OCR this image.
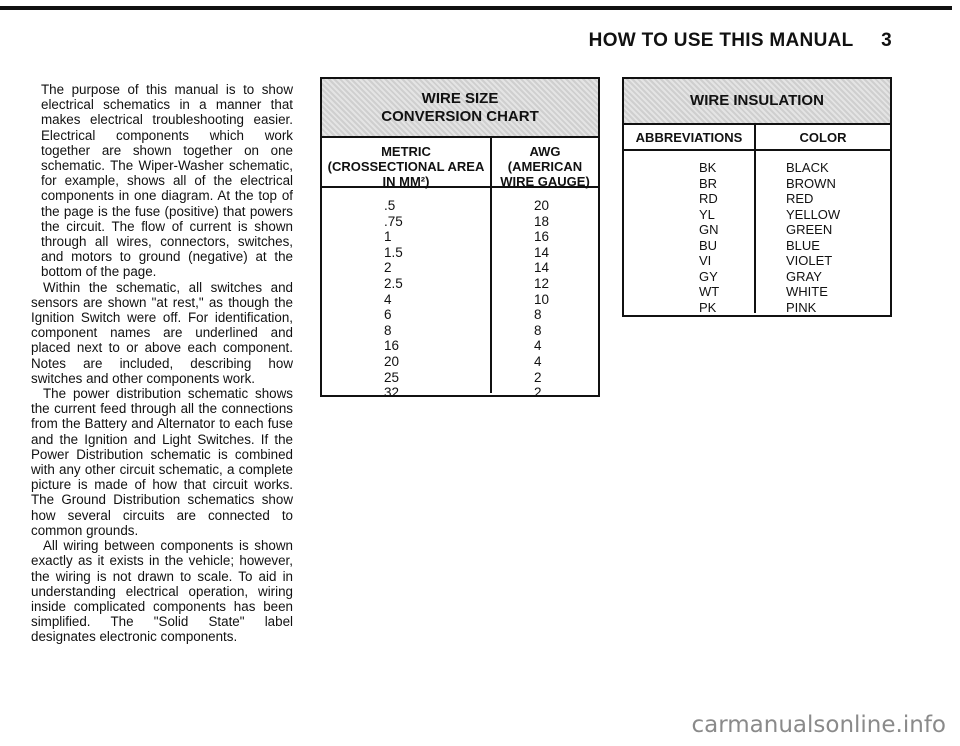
HOW TO USE THIS MANUAL 3

The purpose of this manual is to show electrical schematics in a manner that makes electrical troubleshooting easier. Electrical components which work together are shown together on one schematic. The Wiper-Washer schematic, for example, shows all of the electrical components in one diagram. At the top of the page is the fuse (positive) that powers the circuit. The flow of current is shown through all wires, connectors, switches, and motors to ground (negative) at the bottom of the page.

Within the schematic, all switches and sensors are shown "at rest," as though the Ignition Switch were off. For identification, component names are underlined and placed next to or above each component. Notes are included, describing how switches and other components work.

The power distribution schematic shows the current feed through all the connections from the Battery and Alternator to each fuse and the Ignition and Light Switches. If the Power Distribution schematic is combined with any other circuit schematic, a complete picture is made of how that circuit works. The Ground Distribution schematics show how several circuits are connected to common grounds.

All wiring between components is shown exactly as it exists in the vehicle; however, the wiring is not drawn to scale. To aid in understanding electrical operation, wiring inside complicated components has been simplified. The "Solid State" label designates electronic components.

WIRE SIZE
CONVERSION CHART
METRIC
(CROSSECTIONAL AREA
IN MM²)
.5
.75
1
1.5
2
2.5
4
6
8
16
20
25
32
AWG
(AMERICAN
WIRE GAUGE)
20
18
16
14
14
12
10
8
8
4
4
2
2
WIRE INSULATION
ABBREVIATIONS
BK
BR
RD
YL
GN
BU
VI
GY
WT
PK
COLOR
BLACK
BROWN
RED
YELLOW
GREEN
BLUE
VIOLET
GRAY
WHITE
PINK
carmanualsonline.info
